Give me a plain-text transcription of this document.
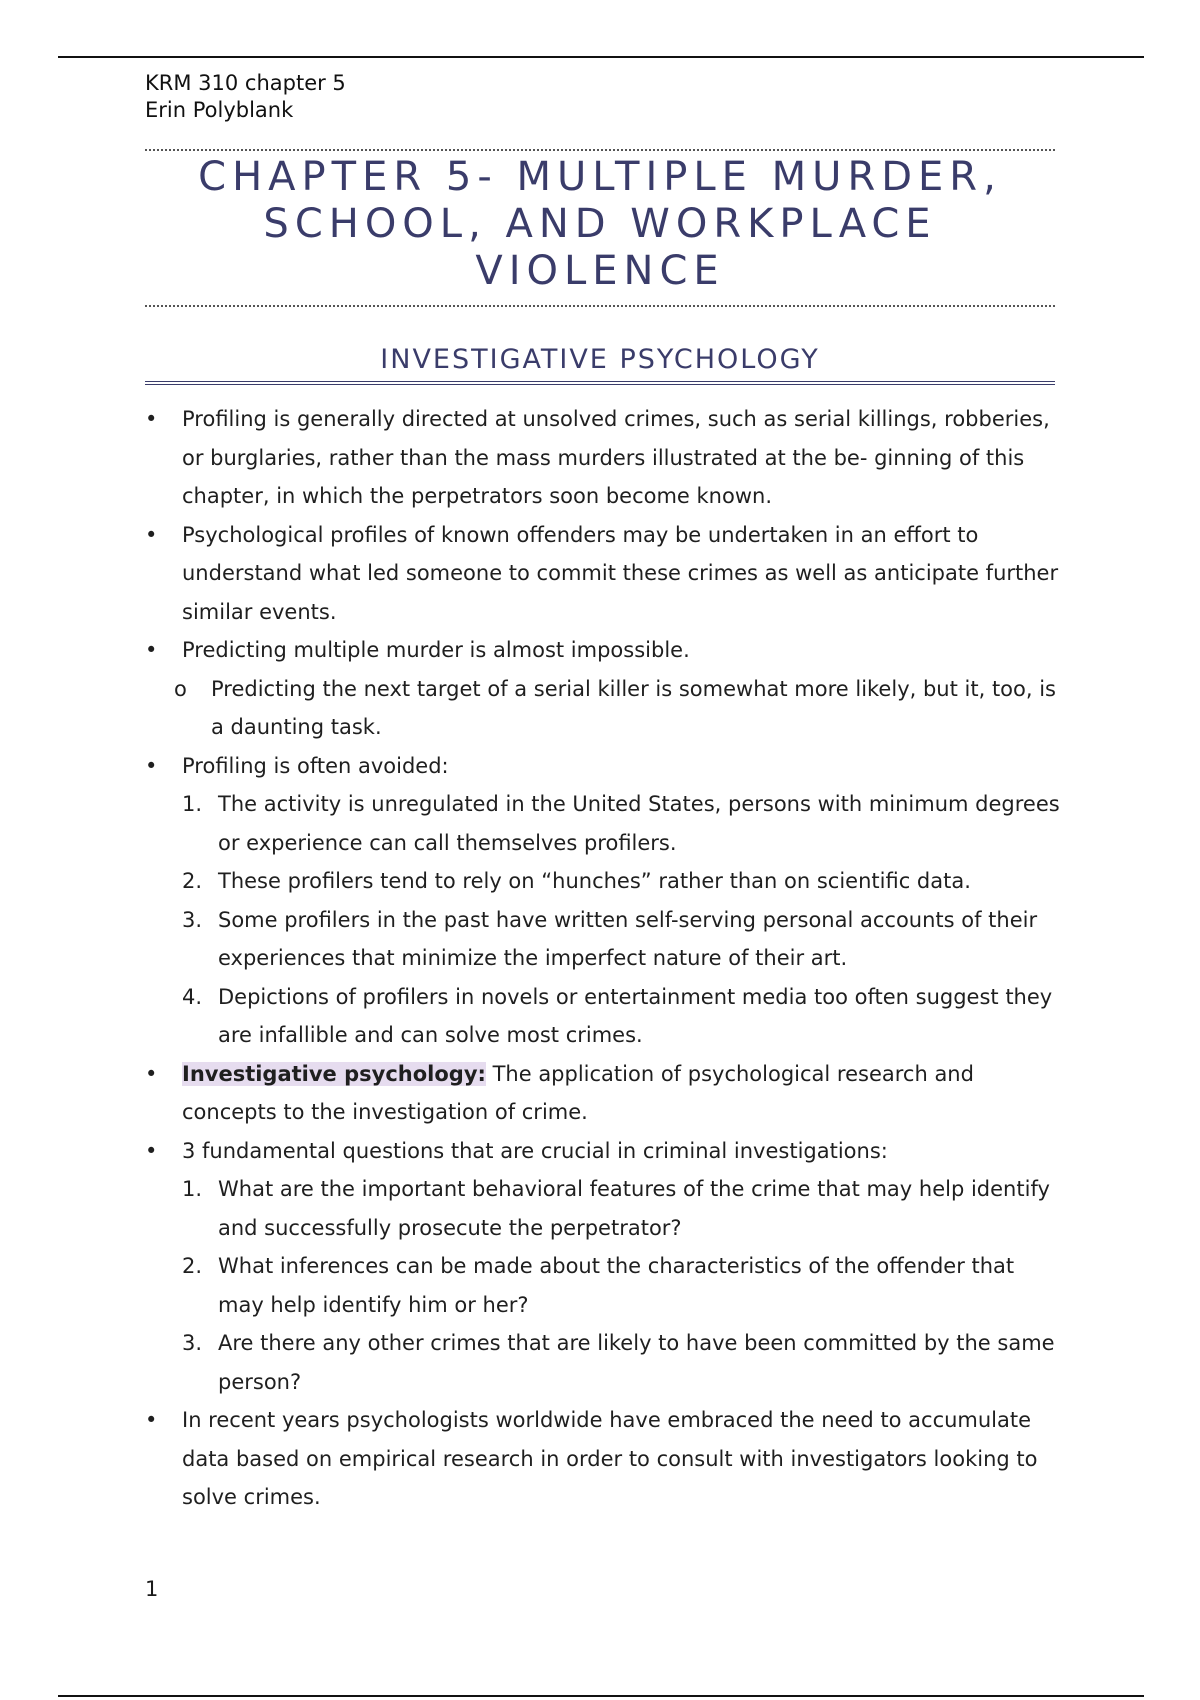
KRM 310 chapter 5
Erin Polyblank
CHAPTER 5- MULTIPLE MURDER,
SCHOOL, AND WORKPLACE
VIOLENCE
INVESTIGATIVE PSYCHOLOGY
• Profiling is generally directed at unsolved crimes, such as serial killings, robberies, or burglaries, rather than the mass murders illustrated at the be- ginning of this chapter, in which the perpetrators soon become known.
• Psychological profiles of known offenders may be undertaken in an effort to understand what led someone to commit these crimes as well as anticipate further similar events.
• Predicting multiple murder is almost impossible.
o Predicting the next target of a serial killer is somewhat more likely, but it, too, is a daunting task.
• Profiling is often avoided:
1. The activity is unregulated in the United States, persons with minimum degrees or experience can call themselves profilers.
2. These profilers tend to rely on “hunches” rather than on scientific data.
3. Some profilers in the past have written self-serving personal accounts of their experiences that minimize the imperfect nature of their art.
4. Depictions of profilers in novels or entertainment media too often suggest they are infallible and can solve most crimes.
• Investigative psychology: The application of psychological research and concepts to the investigation of crime.
• 3 fundamental questions that are crucial in criminal investigations:
1. What are the important behavioral features of the crime that may help identify and successfully prosecute the perpetrator?
2. What inferences can be made about the characteristics of the offender that may help identify him or her?
3. Are there any other crimes that are likely to have been committed by the same person?
• In recent years psychologists worldwide have embraced the need to accumulate data based on empirical research in order to consult with investigators looking to solve crimes.
1
